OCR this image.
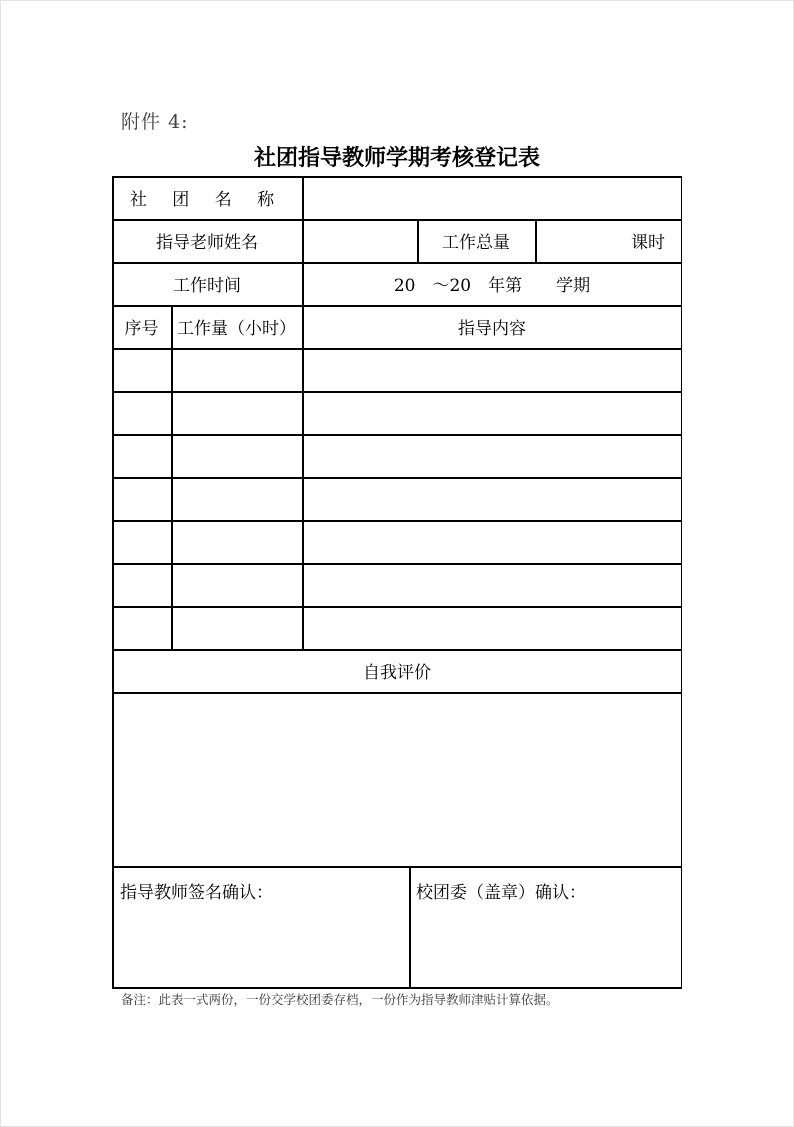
附件 4:
社团指导教师学期考核登记表
社 团 名 称
指导老师姓名	工作总量	课时
工作时间	20　～20　年第　　学期
序号	工作量（小时）	指导内容
自我评价
指导教师签名确认：	校团委（盖章）确认：
备注：此表一式两份，一份交学校团委存档，一份作为指导教师津贴计算依据。
